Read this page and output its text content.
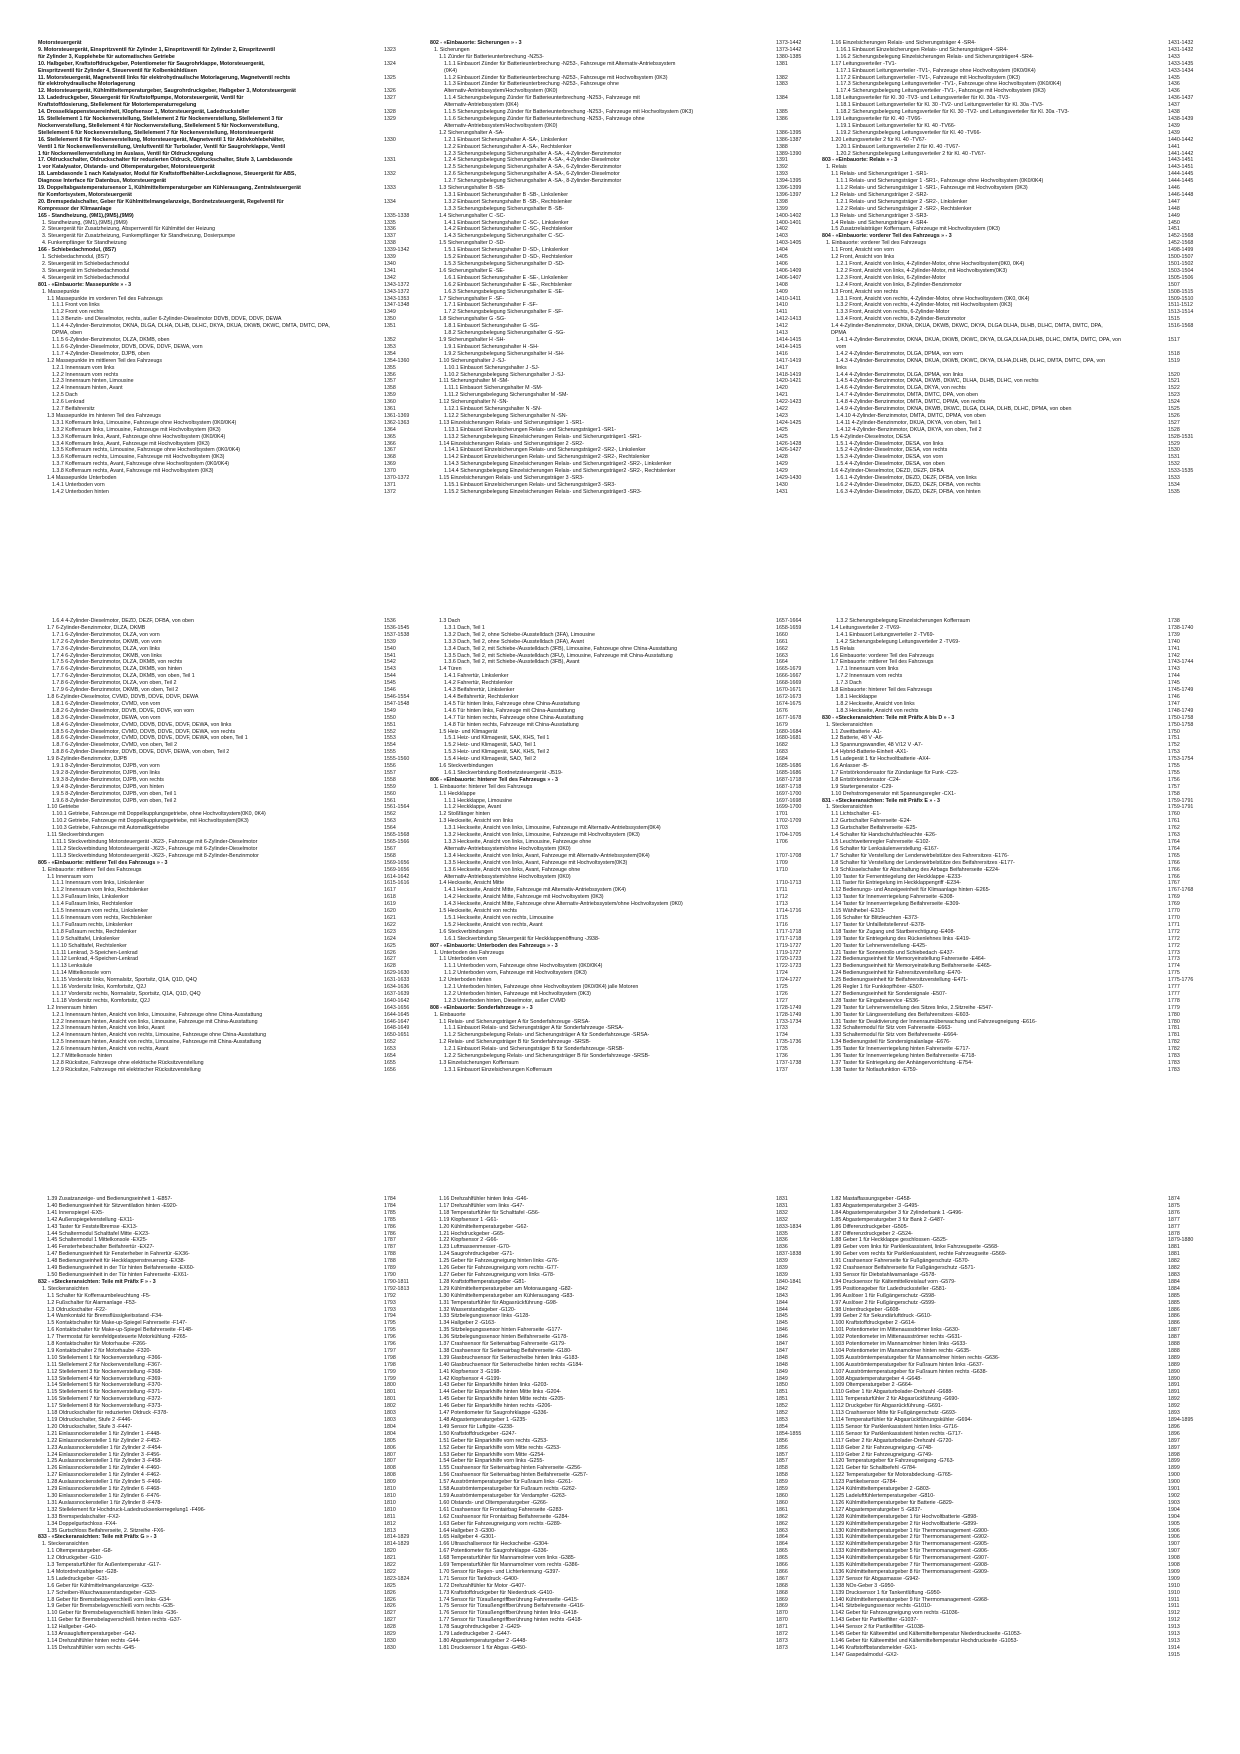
Motorsteuergerät
9. Motorsteuergerät, Einspritzventil für Zylinder 1, Einspritzventil für Zylinder 2, Einspritzventil	1323
für Zylinder 3, Kupplehebe für automatisches Getriebe
10. Halbgeber, Kraftstoffdruckgeber, Potentiometer für Saugrohrklappe, Motorsteuergerät,	1324
Einspritzventil für Zylinder 4, Steuerventil für Kolbenkühldüsen
11. Motorsteuergerät, Magnetventil links für elektrohydraulische Motorlagerung, Magnetventil rechts	1325
für elektrohydraulische Motorlagerung
12. Motorsteuergerät, Kühlmitteltemperaturgeber, Saugrohrdruckgeber, Halbgeber 3, Motorsteuergerät	1326
13. Ladedruckgeber, Steuergerät für Kraftstoffpumpe, Motorsteuergerät, Ventil für	1327
Kraftstoffdosierung, Stellelement für Motortemperaturregelung
14. Drosselklappensteuereinheit, Klopfsensor 1, Motorsteuergerät, Ladedrucksteller	1328
15. Stellelement 1 für Nockenverstellung, Stellelement 2 für Nockenverstellung, Stellelement 3 für	1329
Nockenverstellung, Stellelement 4 für Nockenverstellung, Stellelement 5 für Nockenverstellung,
Stellelement 6 für Nockenverstellung, Stellelement 7 für Nockenverstellung, Motorsteuergerät
16. Stellelement 8 für Nockenverstellung, Motorsteuergerät, Magnetventil 1 für Aktivkohlebehälter,	1330
Ventil 1 für Nockenwellenverstellung, Umluftventil für Turbolader, Ventil für Saugrohrklappe, Ventil
1 für Nockenwellenverstellung im Auslass, Ventil für Öldruckregelung
17. Öldruckschalter, Öldruckschalter für reduzierten Öldruck, Öldruckschalter, Stufe 3, Lambdasonde	1331
1 vor Katalysator, Ölstands- und Öltemperaturgeber, Motorsteuergerät
18. Lambdasonde 1 nach Katalysator, Modul für Kraftstoffbehälter-Leckdiagnose, Steuergerät für ABS,	1332
Diagnose Interface für Datenbus, Motorsteuergerät
19. Doppeltabgastemperatursensor 1, Kühlmitteltemperaturgeber am Kühlerausgang, Zentralsteuergerät	1333
für Komfortsystem, Motorsteuergerät
20. Bremspedalschalter, Geber für Kühlmittelmangelanzeige, Bordnetzsteuergerät, Regelventil für	1334
Kompressor der Klimaanlage
165 - Standheizung, (9M1),(9M5),(9M9)	1335-1338
1. Standheizung, (9M1),(9M5),(9M9)	1335
2. Steuergerät für Zusatzheizung, Absperrventil für Kühlmittel der Heizung	1336
3. Steuergerät für Zusatzheizung, Funkempfänger für Standheizung, Dosierpumpe	1337
4. Funkempfänger für Standheizung	1338
166 - Schiebedachmodul, (8S7)	1339-1342
1. Schiebedachmodul, (8S7)	1339
2. Steuergerät im Schiebedachmodul	1340
3. Steuergerät im Schiebedachmodul	1341
4. Steuergerät im Schiebedachmodul	1342
801 - «Einbauorte: Massepunkte » - 3	1343-1372
1. Massepunkte	1343-1372
1.1 Massepunkte im vorderen Teil des Fahrzeugs	1343-1353
1.1.1 Front von links	1347-1348
1.1.2 Front von rechts	1349
1.1.3 Benzin- und Dieselmotor, rechts, außer 6-Zylinder-Dieselmotor DDVB, DDVE, DDVF, DEWA	1350
1.1.4 4-Zylinder-Benzinmotor, DKNA, DLGA, DLHA, DLHB, DLHC, DKYA, DKUA, DKWB, DKWC, DMTA, DMTC, DPA,	1351
DPMA, oben
1.1.5 6-Zylinder-Benzinmotor, DLZA, DKMB, oben	1352
1.1.6 6-Zylinder-Dieselmotor, DDVB, DDVE, DDVF, DEWA, vorn	1353
1.1.7 4-Zylinder-Dieselmotor, DJPB, oben	1354
1.2 Massepunkte im mittleren Teil des Fahrzeugs	1354-1360
1.2.1 Innenraum vorn links	1355
1.2.2 Innenraum vorn rechts	1356
1.2.3 Innenraum hinten, Limousine	1357
1.2.4 Innenraum hinten, Avant	1358
1.2.5 Dach	1359
1.2.6 Lenkrad	1360
1.2.7 Beifahrersitz	1361
1.3 Massepunkte im hinteren Teil des Fahrzeugs	1361-1369
1.3.1 Kofferraum links, Limousine, Fahrzeuge ohne Hochvoltsystem (0K0/0K4)	1362-1363
1.3.2 Kofferraum links, Limousine, Fahrzeuge mit Hochvoltsystem (0K3)	1364
1.3.3 Kofferraum links, Avant, Fahrzeuge ohne Hochvoltsystem (0K0/0K4)	1365
1.3.4 Kofferraum links, Avant, Fahrzeuge mit Hochvoltsystem (0K3)	1366
1.3.5 Kofferraum rechts, Limousine, Fahrzeuge ohne Hochvoltsystem (0K0/0K4)	1367
1.3.6 Kofferraum rechts, Limousine, Fahrzeuge mit Hochvoltsystem (0K3)	1368
1.3.7 Kofferraum rechts, Avant, Fahrzeuge ohne Hochvoltsystem (0K0/0K4)	1369
1.3.8 Kofferraum rechts, Avant, Fahrzeuge mit Hochvoltsystem (0K3)	1370
1.4 Massepunkte Unterboden	1370-1372
1.4.1 Unterboden vorn	1371
1.4.2 Unterboden hinten	1372
802 - «Einbauorte: Sicherungen » - 3	1373-1442
1. Sicherungen	1373-1442
1.1 Zünder für Batterieunterbrechung -N253-	1380-1385
1.1.1 Einbauort Zünder für Batterieunterbrechung -N253-, Fahrzeuge mit Alternativ-Antriebssystem	1381
(0K4)
1.1.2 Einbauort Zünder für Batterieunterbrechung -N253-, Fahrzeuge mit Hochvoltsystem (0K3)	1382
1.1.3 Einbauort Zünder für Batterieunterbrechung -N253-, Fahrzeuge ohne	1383
Alternativ-Antriebssystem/Hochvoltsystem (0K0)
1.1.4 Sicherungsbelegung Zünder für Batterieunterbrechung -N253-, Fahrzeuge mit	1384
Alternativ-Antriebssystem (0K4)
1.1.5 Sicherungsbelegung Zünder für Batterieunterbrechung -N253-, Fahrzeuge mit Hochvoltsystem (0K3)	1385
1.1.6 Sicherungsbelegung Zünder für Batterieunterbrechung -N253-, Fahrzeuge ohne	1386
Alternativ-Antriebssystem/Hochvoltsystem (0K0)
1.2 Sicherungshalter A -SA-	1386-1395
1.2.1 Einbauort Sicherungshalter A -SA-, Linkslenker	1386-1387
1.2.2 Einbauort Sicherungshalter A -SA-, Rechtslenker	1388
1.2.3 Sicherungsbelegung Sicherungshalter A -SA-, 4-Zylinder-Benzinmotor	1389-1390
1.2.4 Sicherungsbelegung Sicherungshalter A -SA-, 4-Zylinder-Dieselmotor	1391
1.2.5 Sicherungsbelegung Sicherungshalter A -SA-, 6-Zylinder-Benzinmotor	1392
1.2.6 Sicherungsbelegung Sicherungshalter A -SA-, 6-Zylinder-Dieselmotor	1393
1.2.7 Sicherungsbelegung Sicherungshalter A -SA-, 8-Zylinder-Benzinmotor	1394-1395
1.3 Sicherungshalter B -SB-	1396-1399
1.3.1 Einbauort Sicherungshalter B -SB-, Linkslenker	1396-1397
1.3.2 Einbauort Sicherungshalter B -SB-, Rechtslenker	1398
1.3.3 Sicherungsbelegung Sicherungshalter B -SB-	1399
1.4 Sicherungshalter C -SC-	1400-1402
1.4.1 Einbauort Sicherungshalter C -SC-, Linkslenker	1400-1401
1.4.2 Einbauort Sicherungshalter C -SC-, Rechtslenker	1402
1.4.3 Sicherungsbelegung Sicherungshalter C -SC-	1403
1.5 Sicherungshalter D -SD-	1403-1405
1.5.1 Einbauort Sicherungshalter D -SD-, Linkslenker	1404
1.5.2 Einbauort Sicherungshalter D -SD-, Rechtslenker	1405
1.5.3 Sicherungsbelegung Sicherungshalter D -SD-	1406
1.6 Sicherungshalter E -SE-	1406-1409
1.6.1 Einbauort Sicherungshalter E -SE-, Linkslenker	1406-1407
1.6.2 Einbauort Sicherungshalter E -SE-, Rechtslenker	1408
1.6.3 Sicherungsbelegung Sicherungshalter E -SE-	1409
1.7 Sicherungshalter F -SF-	1410-1411
1.7.1 Einbauort Sicherungshalter F -SF-	1410
1.7.2 Sicherungsbelegung Sicherungshalter F -SF-	1411
1.8 Sicherungshalter G -SG-	1412-1413
1.8.1 Einbauort Sicherungshalter G -SG-	1412
1.8.2 Sicherungsbelegung Sicherungshalter G -SG-	1413
1.9 Sicherungshalter H -SH-	1414-1415
1.9.1 Einbauort Sicherungshalter H -SH-	1414-1415
1.9.2 Sicherungsbelegung Sicherungshalter H -SH-	1416
1.10 Sicherungshalter J -SJ-	1417-1419
1.10.1 Einbauort Sicherungshalter J -SJ-	1417
1.10.2 Sicherungsbelegung Sicherungshalter J -SJ-	1418-1419
1.11 Sicherungshalter M -SM-	1420-1421
1.11.1 Einbauort Sicherungshalter M -SM-	1420
1.11.2 Sicherungsbelegung Sicherungshalter M -SM-	1421
1.12 Sicherungshalter N -SN-	1422-1423
1.12.1 Einbauort Sicherungshalter N -SN-	1422
1.12.2 Sicherungsbelegung Sicherungshalter N -SN-	1423
1.13 Einzelsicherungen Relais- und Sicherungsträger 1 -SR1-	1424-1425
1.13.1 Einbauort Einzelsicherungen Relais- und Sicherungsträger1 -SR1-	1425
1.13.2 Sicherungsbelegung Einzelsicherungen Relais- und Sicherungsträger1 -SR1-	1425
1.14 Einzelsicherungen Relais- und Sicherungsträger 2 -SR2-	1426-1428
1.14.1 Einbauort Einzelsicherungen Relais- und Sicherungsträger2 -SR2-, Linkslenker	1426-1427
1.14.2 Einbauort Einzelsicherungen Relais- und Sicherungsträger2 -SR2-, Rechtslenker	1428
1.14.3 Sicherungsbelegung Einzelsicherungen Relais- und Sicherungsträger2 -SR2-, Linkslenker	1429
1.14.4 Sicherungsbelegung Einzelsicherungen Relais- und Sicherungsträger2 -SR2-, Rechtslenker	1429
1.15 Einzelsicherungen Relais- und Sicherungsträger 3 -SR3-	1429-1430
1.15.1 Einbauort Einzelsicherungen Relais- und Sicherungsträger3 -SR3-	1430
1.15.2 Sicherungsbelegung Einzelsicherungen Relais- und Sicherungsträger3 -SR3-	1431
1.16 Einzelsicherungen Relais- und Sicherungsträger 4 -SR4-	1431-1432
1.16.1 Einbauort Einzelsicherungen Relais- und Sicherungsträger4 -SR4-	1431-1432
1.16.2 Sicherungsbelegung Einzelsicherungen Relais- und Sicherungsträger4 -SR4-	1433
1.17 Leitungsverteiler -TV1-	1433-1435
1.17.1 Einbauort Leitungsverteiler -TV1-, Fahrzeuge ohne Hochvoltsystem (0K0/0K4)	1433-1434
1.17.2 Einbauort Leitungsverteiler -TV1-, Fahrzeuge mit Hochvoltsystem (0K3)	1435
1.17.3 Sicherungsbelegung Leitungsverteiler -TV1-, Fahrzeuge ohne Hochvoltsystem (0K0/0K4)	1436
1.17.4 Sicherungsbelegung Leitungsverteiler -TV1-, Fahrzeuge mit Hochvoltsystem (0K3)	1436
1.18 Leitungsverteiler für Kl. 30 -TV3- und Leitungsverteiler für Kl. 30a -TV3-	1436-1437
1.18.1 Einbauort Leitungsverteiler für Kl. 30 -TV2- und Leitungsverteiler für Kl. 30a -TV3-	1437
1.18.2 Sicherungsbelegung Leitungsverteiler für Kl. 30 -TV2- und Leitungsverteiler für Kl. 30a -TV3-	1438
1.19 Leitungsverteiler für Kl. 40 -TV66-	1438-1439
1.19.1 Einbauort Leitungsverteiler für Kl. 40 -TV66-	1439
1.19.2 Sicherungsbelegung Leitungsverteiler für Kl. 40 -TV66-	1439
1.20 Leitungsverteiler 2 für Kl. 40 -TV67-	1440-1442
1.20.1 Einbauort Leitungsverteiler 2 für Kl. 40 -TV67-	1441
1.20.2 Sicherungsbelegung Leitungsverteiler 2 für Kl. 40 -TV67-	1441-1442
803 - «Einbauorte: Relais » - 3	1443-1451
1. Relais	1443-1451
1.1 Relais- und Sicherungsträger 1 -SR1-	1444-1445
1.1.1 Relais- und Sicherungsträger 1 -SR1-, Fahrzeuge ohne Hochvoltsystem (0K0/0K4)	1444-1445
1.1.2 Relais- und Sicherungsträger 1 -SR1-, Fahrzeuge mit Hochvoltsystem (0K3)	1446
1.2 Relais- und Sicherungsträger 2 -SR2-	1446-1448
1.2.1 Relais- und Sicherungsträger 2 -SR2-, Linkslenker	1447
1.2.2 Relais- und Sicherungsträger 2 -SR2-, Rechtslenker	1448
1.3 Relais- und Sicherungsträger 3 -SR3-	1449
1.4 Relais- und Sicherungsträger 4 -SR4-	1450
1.5 Zusatzrelaisträger Kofferraum, Fahrzeuge mit Hochvoltsystem (0K3)	1451
804 - «Einbauorte: vorderer Teil des Fahrzeugs » - 3	1452-1568
1. Einbauorte: vorderer Teil des Fahrzeugs	1452-1568
1.1 Front, Ansicht von vorn	1498-1499
1.2 Front, Ansicht von links	1500-1507
1.2.1 Front, Ansicht von links, 4-Zylinder-Motor, ohne Hochvoltsystem(0K0, 0K4)	1501-1502
1.2.2 Front, Ansicht von links, 4-Zylinder-Motor, mit Hochvoltsystem(0K3)	1503-1504
1.2.3 Front, Ansicht von links, 6-Zylinder-Motor	1505-1506
1.2.4 Front, Ansicht von links, 8-Zylinder-Benzinmotor	1507
1.3 Front, Ansicht von rechts	1508-1515
1.3.1 Front, Ansicht von rechts, 4-Zylinder-Motor, ohne Hochvoltsystem (0K0, 0K4)	1509-1510
1.3.2 Front, Ansicht von rechts, 4-Zylinder-Motor, mit Hochvoltsystem (0K3)	1511-1512
1.3.3 Front, Ansicht von rechts, 6-Zylinder-Motor	1513-1514
1.3.4 Front, Ansicht von rechts, 8-Zylinder-Benzinmotor	1515
1.4 4-Zylinder-Benzinmotor, DKNA, DKUA, DKWB, DKWC, DKYA, DLGA DLHA, DLHB, DLHC, DMTA, DMTC, DPA,	1516-1568
DPMA
1.4.1 4-Zylinder-Benzinmotor, DKNA, DKUA, DKWB, DKWC, DKYA, DLGA,DLHA,DLHB, DLHC, DMTA, DMTC, DPA, von	1517
vorn
1.4.2 4-Zylinder-Benzinmotor, DLGA, DPMA, von vorn	1518
1.4.3 4-Zylinder-Benzinmotor, DKNA, DKUA, DKWB, DKWC, DKYA, DLHA,DLHB, DLHC, DMTA, DMTC, DPA, von	1519
links
1.4.4 4-Zylinder-Benzinmotor, DLGA, DPMA, von links	1520
1.4.5 4-Zylinder-Benzinmotor, DKNA, DKWB, DKWC, DLHA, DLHB, DLHC, von rechts	1521
1.4.6 4-Zylinder-Benzinmotor, DLGA, DKYA, von rechts	1522
1.4.7 4-Zylinder-Benzinmotor, DMTA, DMTC, DPA, von oben	1523
1.4.8 4-Zylinder-Benzinmotor, DMTA, DMTC, DPMA, von rechts	1524
1.4.9 4-Zylinder-Benzinmotor, DKNA, DKWB, DKWC, DLGA, DLHA, DLHB, DLHC, DPMA, von oben	1525
1.4.10 4-Zylinder-Benzinmotor, DMTA, DMTC, DPMA, von oben	1526
1.4.11 4-Zylinder-Benzinmotor, DKUA, DKYA, von oben, Teil 1	1527
1.4.12 4-Zylinder-Benzinmotor, DKUA, DKYA, von oben, Teil 2	1528
1.5 4-Zylinder-Dieselmotor, DESA	1528-1531
1.5.1 4-Zylinder-Dieselmotor, DESA, von links	1529
1.5.2 4-Zylinder-Dieselmotor, DESA, von rechts	1530
1.5.3 4-Zylinder-Dieselmotor, DESA, von vorn	1531
1.5.4 4-Zylinder-Dieselmotor, DESA, von oben	1532
1.6 4-Zylinder-Dieselmotor, DEZD, DEZF, DFBA	1533-1535
1.6.1 4-Zylinder-Dieselmotor, DEZD, DEZF, DFBA, von links	1533
1.6.2 4-Zylinder-Dieselmotor, DEZD, DEZF, DFBA, von rechts	1534
1.6.3 4-Zylinder-Dieselmotor, DEZD, DEZF, DFBA, von hinten	1535
1.6.4 4-Zylinder-Dieselmotor, DEZD, DEZF, DFBA, von oben	1536
1.7 6-Zylinder-Benzinmotor, DLZA, DKMB	1536-1545
1.7.1 6-Zylinder-Benzinmotor, DLZA, von vorn	1537-1538
1.7.2 6-Zylinder-Benzinmotor, DKMB, von vorn	1539
1.7.3 6-Zylinder-Benzinmotor, DLZA, von links	1540
1.7.4 6-Zylinder-Benzinmotor, DKMB, von links	1541
1.7.5 6-Zylinder-Benzinmotor, DLZA, DKMB, von rechts	1542
1.7.6 6-Zylinder-Benzinmotor, DLZA, DKMB, von hinten	1543
1.7.7 6-Zylinder-Benzinmotor, DLZA, DKMB, von oben, Teil 1	1544
1.7.8 6-Zylinder-Benzinmotor, DLZA, von oben, Teil 2	1545
1.7.9 6-Zylinder-Benzinmotor, DKMB, von oben, Teil 2	1546
1.8 6-Zylinder-Dieselmotor, CVMD, DDVB, DDVE, DDVF, DEWA	1546-1554
1.8.1 6-Zylinder-Dieselmotor, CVMD, von vorn	1547-1548
1.8.2 6-Zylinder-Dieselmotor, DDVB, DDVE, DDVF, von vorn	1549
1.8.3 6-Zylinder-Dieselmotor, DEWA, von vorn	1550
1.8.4 6-Zylinder-Dieselmotor, CVMD, DDVB, DDVE, DDVF, DEWA, von links	1551
1.8.5 6-Zylinder-Dieselmotor, CVMD, DDVB, DDVE, DDVF, DEWA, von rechts	1552
1.8.6 6-Zylinder-Dieselmotor, CVMD, DDVB, DDVE, DDVF, DEWA, von oben, Teil 1	1553
1.8.7 6-Zylinder-Dieselmotor, CVMD, von oben, Teil 2	1554
1.8.8 6-Zylinder-Dieselmotor, DDVB, DDVE, DDVF, DEWA, von oben, Teil 2	1555
1.9 8-Zylinder-Benzinmotor, DJPB	1555-1560
1.9.1 8-Zylinder-Benzinmotor, DJPB, von vorn	1556
1.9.2 8-Zylinder-Benzinmotor, DJPB, von links	1557
1.9.3 8-Zylinder-Benzinmotor, DJPB, von rechts	1558
1.9.4 8-Zylinder-Benzinmotor, DJPB, von hinten	1559
1.9.5 8-Zylinder-Benzinmotor, DJPB, von oben, Teil 1	1560
1.9.6 8-Zylinder-Benzinmotor, DJPB, von oben, Teil 2	1561
1.10 Getriebe	1561-1564
1.10.1 Getriebe, Fahrzeuge mit Doppelkupplungsgetriebe, ohne Hochvoltsystem(0K0, 0K4)	1562
1.10.2 Getriebe, Fahrzeuge mit Doppelkupplungsgetriebe, mit Hochvoltsystem(0K3)	1563
1.10.3 Getriebe, Fahrzeuge mit Automatikgetriebe	1564
1.11 Steckverbindungen	1565-1568
1.11.1 Steckverbindung Motorsteuergerät -J623-, Fahrzeuge mit 6-Zylinder-Dieselmotor	1565-1566
1.11.2 Steckverbindung Motorsteuergerät -J623-, Fahrzeuge mit 6-Zylinder-Dieselmotor	1567
1.11.3 Steckverbindung Motorsteuergerät -J623-, Fahrzeuge mit 8-Zylinder-Benzinmotor	1568
805 - «Einbauorte: mittlerer Teil des Fahrzeugs » - 3	1569-1656
1. Einbauorte: mittlerer Teil des Fahrzeugs	1569-1656
1.1 Innenraum vorn	1614-1642
1.1.1 Innenraum vorn links, Linkslenker	1615-1616
1.1.2 Innenraum vorn links, Rechtslenker	1617
1.1.3 Fußraum links, Linkslenker	1618
1.1.4 Fußraum links, Rechtslenker	1619
1.1.5 Innenraum vorn rechts, Linkslenker	1620
1.1.6 Innenraum vorn rechts, Rechtslenker	1621
1.1.7 Fußraum rechts, Linkslenker	1622
1.1.8 Fußraum rechts, Rechtslenker	1623
1.1.9 Schalttafel, Linkslenker	1624
1.1.10 Schalttafel, Rechtslenker	1625
1.1.11 Lenkrad, 3-Speichen-Lenkrad	1626
1.1.12 Lenkrad, 4-Speichen-Lenkrad	1627
1.1.13 Lenksäule	1628
1.1.14 Mittelkonsole vorn	1629-1630
1.1.15 Vordersitz links, Normalsitz, Sportsitz, Q1A, Q1D, Q4Q	1631-1633
1.1.16 Vordersitz links, Komfortsitz, Q2J	1634-1636
1.1.17 Vordersitz rechts, Normalsitz, Sportsitz, Q1A, Q1D, Q4Q	1637-1639
1.1.18 Vordersitz rechts, Komfortsitz, Q2J	1640-1642
1.2 Innenraum hinten	1643-1656
1.2.1 Innenraum hinten, Ansicht von links, Limousine, Fahrzeuge ohne China-Ausstattung	1644-1645
1.2.2 Innenraum hinten, Ansicht von links, Limousine, Fahrzeuge mit China-Ausstattung	1646-1647
1.2.3 Innenraum hinten, Ansicht von links, Avant	1648-1649
1.2.4 Innenraum hinten, Ansicht von rechts, Limousine, Fahrzeuge ohne China-Ausstattung	1650-1651
1.2.5 Innenraum hinten, Ansicht von rechts, Limousine, Fahrzeuge mit China-Ausstattung	1652
1.2.6 Innenraum hinten, Ansicht von rechts, Avant	1653
1.2.7 Mittelkonsole hinten	1654
1.2.8 Rücksitze, Fahrzeuge ohne elektrische Rücksitzverstellung	1655
1.2.9 Rücksitze, Fahrzeuge mit elektrischer Rücksitzverstellung	1656
1.3 Dach	1657-1664
1.3.1 Dach, Teil 1	1658-1659
1.3.2 Dach, Teil 2, ohne Schiebe-/Ausstelldach (3FA), Limousine	1660
1.3.3 Dach, Teil 2, ohne Schiebe-/Ausstelldach (3FA), Avant	1661
1.3.4 Dach, Teil 2, mit Schiebe-/Ausstelldach (3FB), Limousine, Fahrzeuge ohne China-Ausstattung	1662
1.3.5 Dach, Teil 2, mit Schiebe-/Ausstelldach (3FU), Limousine, Fahrzeuge mit China-Ausstattung	1663
1.3.6 Dach, Teil 2, mit Schiebe-/Ausstelldach (3FB), Avant	1664
1.4 Türen	1665-1679
1.4.1 Fahrertür, Linkslenker	1666-1667
1.4.2 Fahrertür, Rechtslenker	1668-1669
1.4.3 Beifahrertür, Linkslenker	1670-1671
1.4.4 Beifahrertür, Rechtslenker	1672-1673
1.4.5 Tür hinten links, Fahrzeuge ohne China-Ausstattung	1674-1675
1.4.6 Tür hinten links, Fahrzeuge mit China-Ausstattung	1676
1.4.7 Tür hinten rechts, Fahrzeuge ohne China-Ausstattung	1677-1678
1.4.8 Tür hinten rechts, Fahrzeuge mit China-Ausstattung	1679
1.5 Heiz- und Klimagerät	1680-1684
1.5.1 Heiz- und Klimagerät, SAK, KHS, Teil 1	1680-1681
1.5.2 Heiz- und Klimagerät, SAO, Teil 1	1682
1.5.3 Heiz- und Klimagerät, SAK, KHS, Teil 2	1683
1.5.4 Heiz- und Klimagerät, SAO, Teil 2	1684
1.6 Steckverbindungen	1685-1686
1.6.1 Steckverbindung Bordnetzsteuergerät -J519-	1685-1686
806 - «Einbauorte: hinterer Teil des Fahrzeugs » - 3	1687-1718
1. Einbauorte: hinterer Teil des Fahrzeugs	1687-1718
1.1 Heckklappe	1697-1700
1.1.1 Heckklappe, Limousine	1697-1698
1.1.2 Heckklappe, Avant	1699-1700
1.2 Stoßfänger hinten	1701
1.3 Heckseite, Ansicht von links	1702-1709
1.3.1 Heckseite, Ansicht von links, Limousine, Fahrzeuge mit Alternativ-Antriebssystem(0K4)	1703
1.3.2 Heckseite, Ansicht von links, Limousine, Fahrzeuge mit Hochvoltsystem (0K3)	1704-1705
1.3.3 Heckseite, Ansicht von links, Limousine, Fahrzeuge ohne	1706
Alternativ-Antriebssystem/ohne Hochvoltsystem (0K0)
1.3.4 Heckseite, Ansicht von links, Avant, Fahrzeuge mit Alternativ-Antriebssystem(0K4)	1707-1708
1.3.5 Heckseite, Ansicht von links, Avant, Fahrzeuge mit Hochvoltsystem(0K3)	1709
1.3.6 Heckseite, Ansicht von links, Avant, Fahrzeuge ohne	1710
Alternativ-Antriebssystem/ohne Hochvoltsystem (0K0)
1.4 Heckseite, Ansicht Mitte	1710-1713
1.4.1 Heckseite, Ansicht Mitte, Fahrzeuge mit Alternativ-Antriebssystem (0K4)	1711
1.4.2 Heckseite, Ansicht Mitte, Fahrzeuge mit Hochvoltsystem (0K3)	1712
1.4.3 Heckseite, Ansicht Mitte, Fahrzeuge ohne Alternativ-Antriebssystem/ohne Hochvoltsystem (0K0)	1713
1.5 Heckseite, Ansicht von rechts	1714-1716
1.5.1 Heckseite, Ansicht von rechts, Limousine	1715
1.5.2 Heckseite, Ansicht von rechts, Avant	1716
1.6 Steckverbindungen	1717-1718
1.6.1 Steckverbindung Steuergerät für Heckklappenöffnung -J938-	1717-1718
807 - «Einbauorte: Unterboden des Fahrzeugs » - 3	1719-1727
1. Unterboden des Fahrzeugs	1719-1727
1.1 Unterboden vorn	1720-1723
1.1.1 Unterboden vorn, Fahrzeuge ohne Hochvoltsystem (0K0/0K4)	1722-1723
1.1.2 Unterboden vorn, Fahrzeuge mit Hochvoltsystem (0K3)	1724
1.2 Unterboden hinten	1724-1727
1.2.1 Unterboden hinten, Fahrzeuge ohne Hochvoltsystem (0K0/0K4) jalle Motoren	1725
1.2.2 Unterboden hinten, Fahrzeuge mit Hochvoltsystem (0K3)	1726
1.2.3 Unterboden hinten, Dieselmotor, außer CVMD	1727
808 - «Einbauorte: Sonderfahrzeuge » - 3	1728-1749
1. Einbauorte	1728-1749
1.1 Relais- und Sicherungsträger A für Sonderfahrzeuge -SRSA-	1733-1734
1.1.1 Einbauort Relais- und Sicherungsträger A für Sonderfahrzeuge -SRSA-	1733
1.1.2 Sicherungsbelegung Relais- und Sicherungsträger A für Sonderfahrzeuge -SRSA-	1734
1.2 Relais- und Sicherungsträger B für Sonderfahrzeuge -SRSB-	1735-1736
1.2.1 Einbauort Relais- und Sicherungsträger B für Sonderfahrzeuge -SRSB-	1735
1.2.2 Sicherungsbelegung Relais- und Sicherungsträger B für Sonderfahrzeuge -SRSB-	1736
1.3 Einzelsicherungen Kofferraum	1737-1738
1.3.1 Einbauort Einzelsicherungen Kofferraum	1737
1.3.2 Sicherungsbelegung Einzelsicherungen Kofferraum	1738
1.4 Leitungsverteiler 2 -TV69-	1738-1740
1.4.1 Einbauort Leitungsverteiler 2 -TV69-	1739
1.4.2 Sicherungsbelegung Leitungsverteiler 2 -TV69-	1740
1.5 Relais	1741
1.6 Einbauorte: vorderer Teil des Fahrzeugs	1742
1.7 Einbauorte: mittlerer Teil des Fahrzeugs	1743-1744
1.7.1 Innenraum vorn links	1743
1.7.2 Innenraum vorn rechts	1744
1.7.3 Dach	1745
1.8 Einbauorte: hinterer Teil des Fahrzeugs	1745-1749
1.8.1 Heckklappe	1746
1.8.2 Heckseite, Ansicht von links	1747
1.8.3 Heckseite, Ansicht von rechts	1748-1749
830 - «Steckeransichten: Teile mit Präfix A bis D » - 3	1750-1758
1. Steckeransichten	1750-1758
1.1 Zweitbatterie -A1-	1750
1.2 Batterie, 48 V -A6-	1751
1.3 Spannungswandler, 48 V/12 V -A7-	1752
1.4 Hybrid-Batterie-Einheit -AX1-	1753
1.5 Ladegerät 1 für Hochvoltbatterie -AX4-	1753-1754
1.6 Anlasser -B-	1755
1.7 Entstörkondensator für Zündanlage für Funk -C23-	1755
1.8 Entstörkondensator -C24-	1756
1.9 Startergenerator -C29-	1757
1.10 Drehstromgenerator mit Spannungsregler -CX1-	1758
831 - «Steckeransichten: Teile mit Präfix E » - 3	1759-1791
1. Steckeransichten	1759-1791
1.1 Lichtschalter -E1-	1760
1.2 Gurtschalter Fahrerseite -E24-	1761
1.3 Gurtschalter Beifahrerseite -E25-	1762
1.4 Schalter für Handschuhfachleuchte -E26-	1763
1.5 Leuchtweitenregler Fahrerseite -E102-	1764
1.6 Schalter für Lenksäulenverstellung -E167-	1764
1.7 Schalter für Verstellung der Lendenwirbelstütze des Fahrersitzes -E176-	1765
1.8 Schalter für Verstellung der Lendenwirbelstütze des Beifahrersitzes -E177-	1766
1.9 Schlüsselschalter für Abschaltung des Airbags Beifahrerseite -E224-	1766
1.10 Taster für Fernentriegelung der Heckklappe -E233-	1766
1.11 Taster für Entriegelung im Heckklappengriff -E234-	1767
1.12 Bedienungs- und Anzeigeeinheit für Klimaanlage hinten -E265-	1767-1768
1.13 Taster für Innenverriegelung Fahrerseite -E308-	1769
1.14 Taster für Innenverriegelung Beifahrerseite -E309-	1769
1.15 Wählhebel -E313-	1770
1.16 Schalter für Blitzleuchten -E373-	1770
1.17 Taster für Unfallleitstellenruf -E378-	1771
1.18 Taster für Zugang und Startberechtigung -E408-	1772
1.19 Taster für Entriegelung des Rückenlehnes links -E419-	1772
1.20 Taster für Lehnenverstellung -E425-	1772
1.21 Taster für Sonnenrollo und Schiebedach -E437-	1773
1.22 Bedienungseinheit für Memoryeinstellung Fahrerseite -E464-	1773
1.23 Bedienungseinheit für Memoryeinstellung Beifahrerseite -E465-	1774
1.24 Bedienungseinheit für Fahrersitzverstellung -E470-	1775
1.25 Bedienungseinheit für Beifahrersitzverstellung -E471-	1775-1776
1.26 Regler 1 für Funkkopfhörer -E507-	1777
1.27 Bedienungseinheit für Sondersignale -E507-	1777
1.28 Taster für Eingabeservice -E536-	1778
1.29 Taster für Lehnenverstellung des Sitzes links, 2.Sitzreihe -E547-	1779
1.30 Taster für Längsverstellung des Beifahrersitzes -E603-	1780
1.31 Taster für Deaktivierung der Innenraumüberwachung und Fahrzeugneigung -E616-	1780
1.32 Schaltermodul für Sitz vorn Fahrerseite -E663-	1781
1.33 Schaltermodul für Sitz vorn Beifahrerseite -E664-	1781
1.34 Bedienungsteil für Sondersignalanlage -E676-	1782
1.35 Taster für Innenverriegelung hinten Fahrerseite -E717-	1782
1.36 Taster für Innenverriegelung hinten Beifahrerseite -E718-	1783
1.37 Taster für Entriegelung der Anhängervorrichtung -E754-	1783
1.38 Taster für Notlaufunktion -E759-	1783
1.39 Zusatzanzeige- und Bedienungseinheit 1 -E857-	1784
1.40 Bedienungseinheit für Sitzventilation hinten -E920-	1784
1.41 Innenspiegel -EX5-	1785
1.42 Außenspiegelverstellung -EX11-	1785
1.43 Taster für Feststellbremse -EX13-	1786
1.44 Schaltermodul Schalttafel Mitte -EX23-	1786
1.45 Schaltermodul 1 Mittelkonsole -EX25-	1787
1.46 Fensterhebeschalter Beifahrertür -EX27-	1787
1.47 Bedienungseinheit für Fensterheber in Fahrertür -EX36-	1788
1.48 Bedienungseinheit für Heckklappenstreuerung -EX38-	1788
1.49 Bedienungseinheit in der Tür hinten Beifahrerseite -EX60-	1789
1.50 Bedienungseinheit in der Tür hinten Fahrerseite -EX61-	1790
832 - «Steckeransichten: Teile mit Präfix F » - 3	1790-1811
1. Steckeransichten	1792-1813
1.1 Schalter für Kofferraumbeleuchtung -F5-	1792
1.2 Fußschalter für Alarmanlage -F53-	1793
1.3 Öldruckschalter -F22-	1793
1.4 Warnkontakt für Bremsflüssigkeitsstand -F34-	1794
1.5 Kontaktschalter für Make-up-Spiegel Fahrerseite -F147-	1795
1.6 Kontaktschalter für Make-up-Spiegel Beifahrerseite -F148-	1795
1.7 Thermostat für kennfeldgesteuerte Motorkühlung -F265-	1796
1.8 Kontaktschalter für Motorhaube -F266-	1796
1.9 Kontaktschalter 2 für Motorhaube -F320-	1797
1.10 Stellelement 1 für Nockenverstellung -F366-	1798
1.11 Stellelement 2 für Nockenverstellung -F367-	1798
1.12 Stellelement 3 für Nockenverstellung -F368-	1799
1.13 Stellelement 4 für Nockenverstellung -F369-	1799
1.14 Stellelement 5 für Nockenverstellung -F370-	1800
1.15 Stellelement 6 für Nockenverstellung -F371-	1801
1.16 Stellelement 7 für Nockenverstellung -F372-	1801
1.17 Stellelement 8 für Nockenverstellung -F373-	1802
1.18 Öldruckschalter für reduzierten Öldruck -F378-	1803
1.19 Öldruckschalter, Stufe 2 -F446-	1803
1.20 Öldruckschalter, Stufe 3 -F447-	1804
1.21 Einlassnockensteller 1 für Zylinder 1 -F448-	1804
1.22 Einlassnockensteller 1 für Zylinder 2 -F452-	1805
1.23 Auslassnockensteller 1 für Zylinder 2 -F454-	1806
1.24 Einlassnockensteller 1 für Zylinder 3 -F456-	1807
1.25 Auslassnockensteller 1 für Zylinder 3 -F458-	1807
1.26 Einlassnockensteller 1 für Zylinder 4 -F460-	1808
1.27 Einlassnockensteller 1 für Zylinder 4 -F462-	1808
1.28 Auslassnockensteller 1 für Zylinder 5 -F466-	1809
1.29 Einlassnockensteller 1 für Zylinder 6 -F468-	1810
1.30 Einlassnockensteller 1 für Zylinder 6 -F476-	1810
1.31 Auslassnockensteller 1 für Zylinder 8 -F478-	1810
1.32 Stellelement für Hochdruck-Ladedrucksenkerregelung1 -F496-	1810
1.33 Bremspedalschalter -FX2-	1811
1.34 Doppelgurtschloss -FX4-	1812
1.35 Gurtschloss Beifahrerseite, 2. Sitzreihe -FX6-	1813
833 - «Steckeransichten: Teile mit Präfix G » - 3	1814-1829
1. Steckeransichten	1814-1829
1.1 Öltemperaturgeber -G8-	1820
1.2 Öldruckgeber -G10-	1821
1.3 Temperaturfühler für Außentemperatur -G17-	1822
1.4 Motordrehzahlgeber -G28-	1822
1.5 Ladedruckgeber -G31-	1823-1824
1.6 Geber für Kühlmittelmangelanzeige -G32-	1825
1.7 Scheiben-Waschwasserstandsgeber -G33-	1826
1.8 Geber für Bremsbelagverschleiß vorn links -G34-	1826
1.9 Geber für Bremsbelagverschleiß vorn rechts -G35-	1826
1.10 Geber für Bremsbelagverschleiß hinten links -G36-	1827
1.11 Geber für Bremsbelagverschleiß hinten rechts -G37-	1827
1.12 Hallgeber -G40-	1828
1.13 Ansaugluftemperaturgeber -G42-	1829
1.14 Drehzahlfühler hinten rechts -G44-	1830
1.15 Drehzahlfühler vorn rechts -G45-	1830
1.16 Drehzahlfühler hinten links -G46-	1831
1.17 Drehzahlfühler vorn links -G47-	1831
1.18 Temperaturfühler für Schalttafel -G56-	1832
1.19 Klopfsensor 1 -G61-	1832
1.20 Kühlmitteltemperaturgeber -G62-	1833-1834
1.21 Hochdruckgeber -G65-	1835
1.22 Klopfsensor 2 -G66-	1836
1.23 Luftmassenmesser -G70-	1836
1.24 Saugrohrdruckgeber -G71-	1837-1838
1.25 Geber für Fahrzeugneigung hinten links -G76-	1839
1.26 Geber für Fahrzeugneigung vorn rechts -G77-	1839
1.27 Geber für Fahrzeugneigung vorn links -G78-	1839
1.28 Kraftstofftemperaturgeber -G81-	1840-1841
1.29 Kühlmitteltemperaturgeber am Motorausgang -G82-	1842
1.30 Kühlmitteltemperaturgeber am Kühlerausgang -G83-	1843
1.31 Temperaturfühler für Abgasrückführung -G98-	1844
1.32 Wasserstandsgeber -G120-	1844
1.33 Sitzbelegungssensor links -G128-	1845
1.34 Hallgeber 2 -G163-	1845
1.35 Sitzbelegungssensor hinten Fahrerseite -G177-	1846
1.36 Sitzbelegungssensor hinten Beifahrerseite -G178-	1846
1.37 Crashsensor für Seitenairbag Fahrerseite -G179-	1847
1.38 Crashsensor für Seitenairbag Beifahrerseite -G180-	1847
1.39 Glasbruchsensor für Seitenscheibe hinten links -G183-	1848
1.40 Glasbruchsensor für Seitenscheibe hinten rechts -G184-	1848
1.41 Klopfsensor 3 -G198-	1849
1.42 Klopfsensor 4 -G199-	1849
1.43 Geber für Einparkhilfe hinten links -G203-	1850
1.44 Geber für Einparkhilfe hinten Mitte links -G204-	1851
1.45 Geber für Einparkhilfe hinten Mitte rechts -G205-	1851
1.46 Geber für Einparkhilfe hinten rechts -G206-	1852
1.47 Potentiometer für Saugrohrklappe -G336-	1852
1.48 Abgastemperaturgeber 1 -G235-	1853
1.49 Sensor für Luftgüte -G238-	1854
1.50 Kraftstoffdruckgeber -G247-	1854-1855
1.51 Geber für Einparkhilfe vorn rechts -G253-	1856
1.52 Geber für Einparkhilfe vorn Mitte rechts -G253-	1856
1.53 Geber für Einparkhilfe vorn Mitte -G254-	1857
1.54 Geber für Einparkhilfe vorn links -G255-	1857
1.55 Crashsensor für Seitenairbag hinten Fahrerseite -G256-	1858
1.56 Crashsensor für Seitenairbag hinten Beifahrerseite -G257-	1858
1.57 Ausströmtemperaturgeber für Fußraum links -G261-	1859
1.58 Ausströmtemperaturgeber für Fußraum rechts -G262-	1859
1.59 Ausströmtemperaturgeber für Verdampfer -G263-	1860
1.60 Ölstands- und Öltemperaturgeber -G266-	1860
1.61 Crashsensor für Frontairbag Fahrerseite -G283-	1861
1.62 Crashsensor für Frontairbag Beifahrerseite -G284-	1862
1.63 Geber für Fahrzeugneigung vorn rechts -G289-	1862
1.64 Hallgeber 3 -G300-	1863
1.65 Hallgeber 4 -G301-	1864
1.66 Ultraschallsensor für Heckscheibe -G304-	1864
1.67 Potentiometer für Saugrohrklappe -G336-	1865
1.68 Temperaturfühler für Mannamolmer vorn links -G385-	1865
1.69 Temperaturfühler für Mannamolmer vorn rechts -G386-	1866
1.70 Sensor für Regen- und Lichterkennung -G397-	1866
1.71 Sensor für Tankdruck -G400-	1867
1.72 Drehzahlfühler für Motor -G407-	1868
1.73 Kraftstoffdruckgeber für Niederdruck -G410-	1868
1.74 Sensor für Türaußengriffberührung Fahrerseite -G415-	1869
1.75 Sensor für Türaußengriffberührung Beifahrerseite -G416-	1869
1.76 Sensor für Türaußengriffberührung hinten links -G418-	1870
1.77 Sensor für Türaußengriffberührung hinten rechts -G418-	1870
1.78 Saugrohrdruckgeber 2 -G429-	1871
1.79 Ladedruckgeber 2 -G447-	1872
1.80 Abgastemperaturgeber 2 -G448-	1873
1.81 Drucksensor 1 für Abgas -G450-	1873
1.82 Mastaffassungsgeber -G458-	1874
1.83 Abgastemperaturgeber 3 -G495-	1875
1.84 Abgastemperaturgeber 3 für Zylinderbank 1 -G496-	1876
1.85 Abgastemperaturgeber 3 für Bank 2 -G487-	1877
1.86 Differenzdruckgeber -G505-	1877
1.87 Differenzdruckgeber 2 -G524-	1878
1.88 Geber 1 für Heckklappe geschlossen -G525-	1879-1880
1.89 Geber vorn links für Parklenkassistent, linke Fahrzeugseite -G568-	1881
1.90 Geber vorn rechts für Parklenkassistent, rechte Fahrzeugseite -G569-	1881
1.91 Crashsensor Fahrerseite für Fußgängerschutz -G570-	1882
1.92 Crashsensor Beifahrerseite für Fußgängerschutz -G571-	1882
1.93 Sensor für Diebstahlwarnanlage -G578-	1883
1.94 Drucksensor für Kältemittelkreislauf vorn -G579-	1884
1.95 Positionsgeber für Ladedruckssteller -G581-	1884
1.96 Auslöser 1 für Fußgängerschutz -G598-	1885
1.97 Auslöser 2 für Fußgängerschutz -G599-	1885
1.98 Unterdruckgeber -G608-	1886
1.99 Geber 2 für Sekundärluftdruck -G610-	1886
1.100 Kraftstoffdruckgeber 2 -G614-	1886
1.101 Potentiometer im Mittenaussdrömer links -G630-	1887
1.102 Potentiometer im Mittenausströmer rechts -G631-	1887
1.103 Potentiometer im Mannamolmer hinten links -G633-	1888
1.104 Potentiometer im Mannamolmer hinten rechts -G635-	1888
1.105 Ausströmtemperaturgeber für Mannamolmer hinten rechts -G636-	1889
1.106 Ausströmtemperaturgeber für Fußraum hinten links -G637-	1889
1.107 Ausströmtemperaturgeber für Fußraum hinten rechts -G638-	1890
1.108 Abgastemperaturgeber 4 -G648-	1890
1.109 Öltemperaturgeber 2 -G664-	1891
1.110 Geber 1 für Abgasturbolader-Drehzahl -G688-	1891
1.111 Temperaturfühler 2 für Abgasrückführung -G690-	1892
1.112 Druckgeber für Abgasrückführung -G691-	1892
1.113 Crashsensor Mitte für Fußgängerschutz -G693-	1893
1.114 Temperaturfühler für Abgasrückführungskühler -G694-	1894-1895
1.115 Sensor für Parklenkassistent hinten links -G716-	1896
1.116 Sensor für Parklenkassistent hinten rechts -G717-	1896
1.117 Geber 2 für Abgasturbolader-Drehzahl -G720-	1897
1.118 Geber 2 für Fahrzeugneigung -G748-	1897
1.119 Geber 2 für Fahrzeugneigung -G749-	1898
1.120 Temperaturgeber für Fahrzeugneigung -G763-	1899
1.121 Geber für Schaltbefehl -G784-	1899
1.122 Temperaturgeber für Motorabdeckung -G765-	1900
1.123 Partikelsensor -G784-	1900
1.124 Kühlmitteltemperaturgeber 2 -G803-	1901
1.125 Ladeluftfühlertemperaturgeber -G810-	1902
1.126 Kühlmitteltemperaturgeber für Batterie -G829-	1903
1.127 Abgastemperaturgeber 5 -G837-	1904
1.128 Kühlmitteltemperaturgeber 1 für Hochvoltbatterie -G898-	1904
1.129 Kühlmitteltemperaturgeber 2 für Hochvoltbatterie -G899-	1905
1.130 Kühlmitteltemperaturgeber 1 für Thermomanagement -G900-	1906
1.131 Kühlmitteltemperaturgeber 2 für Thermomanagement -G902-	1906
1.132 Kühlmitteltemperaturgeber 3 für Thermomanagement -G905-	1907
1.133 Kühlmitteltemperaturgeber 5 für Thermomanagement -G906-	1907
1.134 Kühlmitteltemperaturgeber 6 für Thermomanagement -G907-	1908
1.135 Kühlmitteltemperaturgeber 7 für Thermomanagement -G908-	1908
1.136 Kühlmitteltemperaturgeber 8 für Thermomanagement -G909-	1909
1.137 Sensor für Abgasmasse -G942-	1909
1.138 NOx-Geber 3 -G950-	1910
1.139 Drucksensor 1 für Tankentlüftung -G950-	1910
1.140 Kühlmitteltemperaturgeber 9 für Thermomanagement -G968-	1911
1.141 Sitzbelegungssensor rechts -G1010-	1911
1.142 Geber für Fahrzeugneigung vorn rechts -G1036-	1912
1.143 Geber für Partikelfilter -G1037-	1912
1.144 Sensor 2 für Partikelfilter -G1038-	1913
1.145 Geber für Kälteemittel und Kältemitteltemperatur Niederdruckseite -G1053-	1913
1.146 Geber für Kälteemittel und Kältemitteltemperatur Hochdruckseite -G1053-	1913
1.146 Kraftstoffbstandsmelder -GX1-	1914
1.147 Gaspedalmodul -GX2-	1915
